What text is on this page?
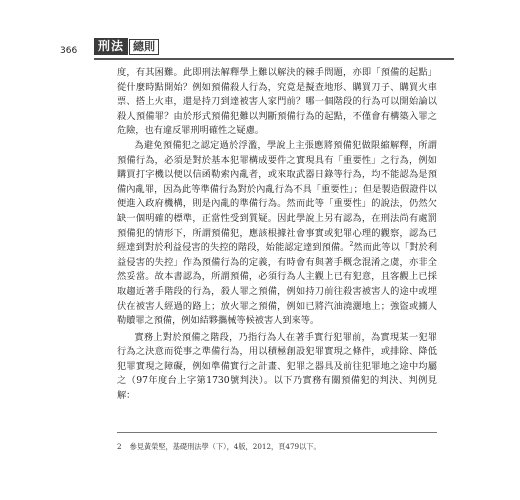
刑法 總則
366

度，有其困難。此即刑法解釋學上難以解決的棘手問題，亦即「預備的起點」從什麼時點開始？例如預備殺人行為，究竟是擬查地形、購買刀子、購買火車票、搭上火車，還是持刀到達被害人家門前？哪一個階段的行為可以開始論以殺人預備罪？由於形式預備犯難以判斷預備行為的起點，不僅會有構築入罪之危險，也有違反罪刑明確性之疑慮。

為避免預備犯之認定過於浮濫，學說上主張應將預備犯做限縮解釋，所謂預備行為，必須是對於基本犯罪構成要件之實現具有「重要性」之行為，例如購買打字機以便以信函勒索內亂者，或來取武器日錄等行為，均不能認為是預備內亂罪，因為此等準備行為對於內亂行為不具「重要性」；但是製造假證件以便進入政府機構，則是內亂的準備行為。然而此等「重要性」的說法，仍然欠缺一個明確的標準，正當性受到質疑。因此學說上另有認為，在刑法尚有處罰預備犯的情形下，所謂預備犯，應該根據社會事實或犯罪心理的觀察，認為已經達到對於利益侵害的失控的階段，始能認定達到預備。$^2$然而此等以「對於利益侵害的失控」作為預備行為的定義，有時會有與著手概念混淆之虞，亦非全然妥當。故本書認為，所謂預備，必須行為人主觀上已有犯意，且客觀上已採取趨近著手階段的行為，殺人罪之預備，例如持刀前往殺害被害人的途中或埋伏在被害人經過的路上；放火罪之預備，例如已將汽油澆灑地上；強盜或擄人勒贖罪之預備，例如結夥攜械等候被害人到來等。

實務上對於預備之階段，乃指行為人在著手實行犯罪前，為實現某一犯罪行為之決意而從事之準備行為，用以積極創設犯罪實現之條件，或排除、降低犯罪實現之障礙，例如準備實行之計畫、犯罪之器具及前往犯罪地之途中均屬之（97年度台上字第1730號判決）。以下乃實務有關預備犯的判決、判例見解：

2 參見黃榮堅，基礎刑法學（下），4版，2012，頁479以下。
